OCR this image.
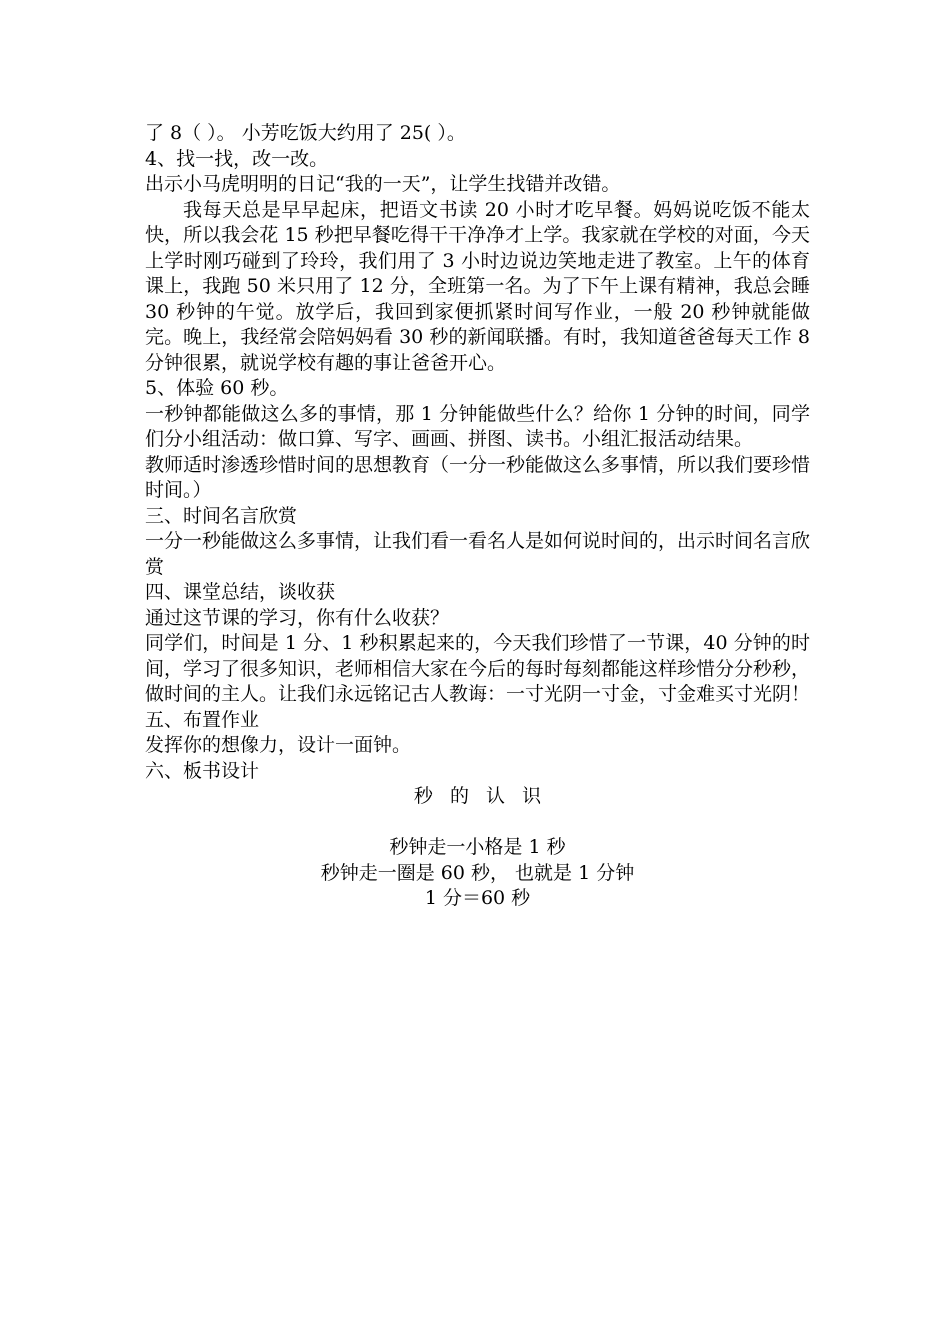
了 8（ ）。 小芳吃饭大约用了 25( ）。
4、找一找，改一改。
出示小马虎明明的日记“我的一天”，让学生找错并改错。
我每天总是早早起床，把语文书读 20 小时才吃早餐。妈妈说吃饭不能太快，所以我会花 15 秒把早餐吃得干干净净才上学。我家就在学校的对面，今天上学时刚巧碰到了玲玲，我们用了 3 小时边说边笑地走进了教室。上午的体育课上，我跑 50 米只用了 12 分，全班第一名。为了下午上课有精神，我总会睡 30 秒钟的午觉。放学后，我回到家便抓紧时间写作业，一般 20 秒钟就能做完。晚上，我经常会陪妈妈看 30 秒的新闻联播。有时，我知道爸爸每天工作 8 分钟很累，就说学校有趣的事让爸爸开心。
5、体验 60 秒。
一秒钟都能做这么多的事情，那 1 分钟能做些什么？给你 1 分钟的时间，同学们分小组活动：做口算、写字、画画、拼图、读书。小组汇报活动结果。
教师适时渗透珍惜时间的思想教育（一分一秒能做这么多事情，所以我们要珍惜时间。）
三、时间名言欣赏
一分一秒能做这么多事情，让我们看一看名人是如何说时间的，出示时间名言欣赏
四、课堂总结，谈收获
通过这节课的学习，你有什么收获？
同学们，时间是 1 分、1 秒积累起来的，今天我们珍惜了一节课，40 分钟的时间，学习了很多知识，老师相信大家在今后的每时每刻都能这样珍惜分分秒秒，做时间的主人。让我们永远铭记古人教诲：一寸光阴一寸金，寸金难买寸光阴！
五、布置作业
发挥你的想像力，设计一面钟。
六、板书设计
秒的认识
秒钟走一小格是 1 秒
秒钟走一圈是 60 秒， 也就是 1 分钟
1 分＝60 秒
